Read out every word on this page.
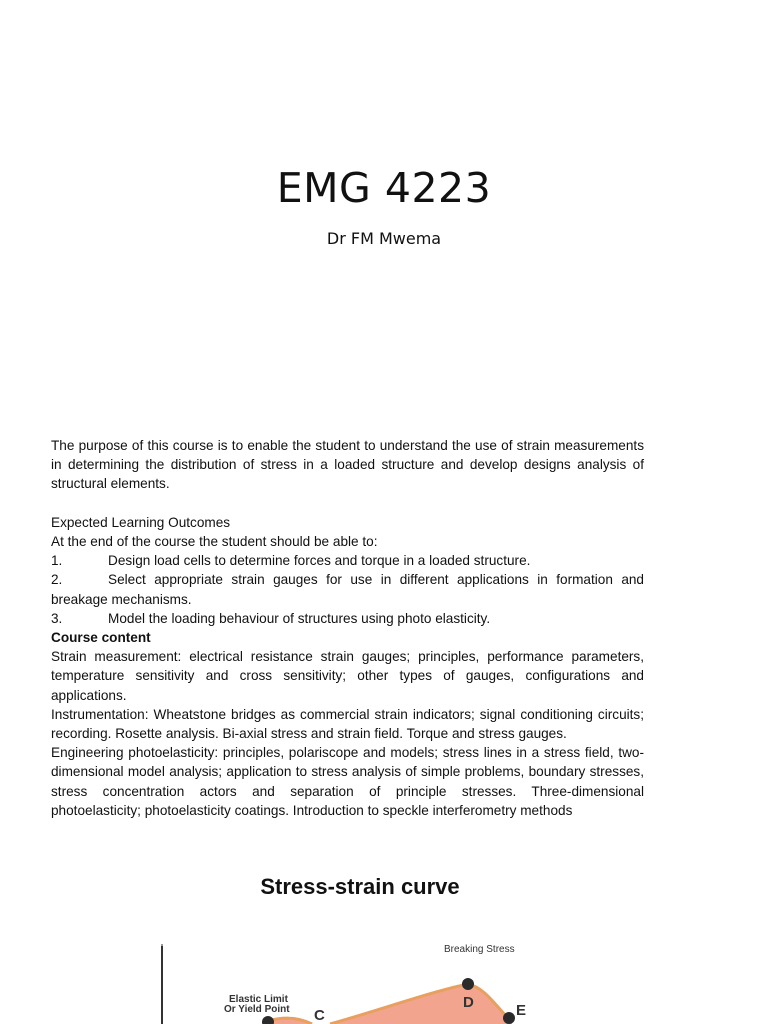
EMG 4223
Dr FM Mwema

The purpose of this course is to enable the student to understand the use of strain measurements in determining the distribution of stress in a loaded structure and develop designs analysis of structural elements.

Expected Learning Outcomes

At the end of the course the student should be able to:

1.	Design load cells to determine forces and torque in a loaded structure.

2.	Select appropriate strain gauges for use in different applications in formation and breakage mechanisms.

3.	Model the loading behaviour of structures using photo elasticity.

Course content

Strain measurement: electrical resistance strain gauges; principles, performance parameters, temperature sensitivity and cross sensitivity; other types of gauges, configurations and applications.

Instrumentation: Wheatstone bridges as commercial strain indicators; signal conditioning circuits; recording. Rosette analysis. Bi-axial stress and strain field. Torque and stress gauges.

Engineering photoelasticity: principles, polariscope and models; stress lines in a stress field, two-dimensional model analysis; application to stress analysis of simple problems, boundary stresses, stress concentration actors and separation of principle stresses. Three-dimensional photoelasticity; photoelasticity coatings. Introduction to speckle interferometry methods

Stress-strain curve
Breaking Stress
Elastic Limit
Or Yield Point C
D	E
